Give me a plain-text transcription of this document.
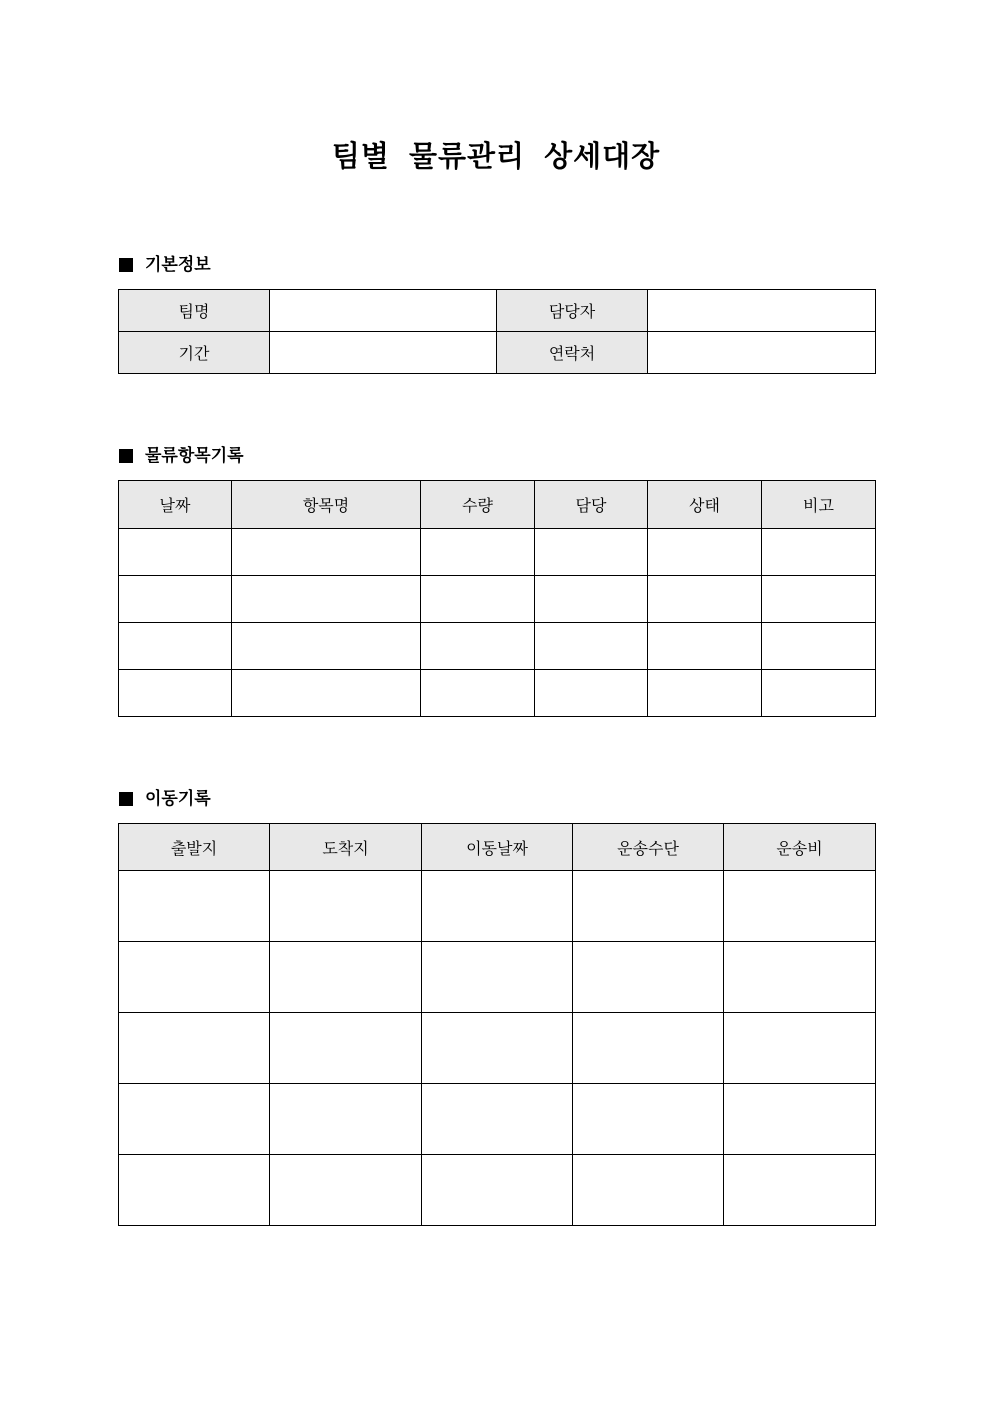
팀별 물류관리 상세대장
기본정보
팀명		담당자	
기간		연락처	
물류항목기록
날짜	항목명	수량	담당	상태	비고

이동기록
출발지	도착지	이동날짜	운송수단	운송비
